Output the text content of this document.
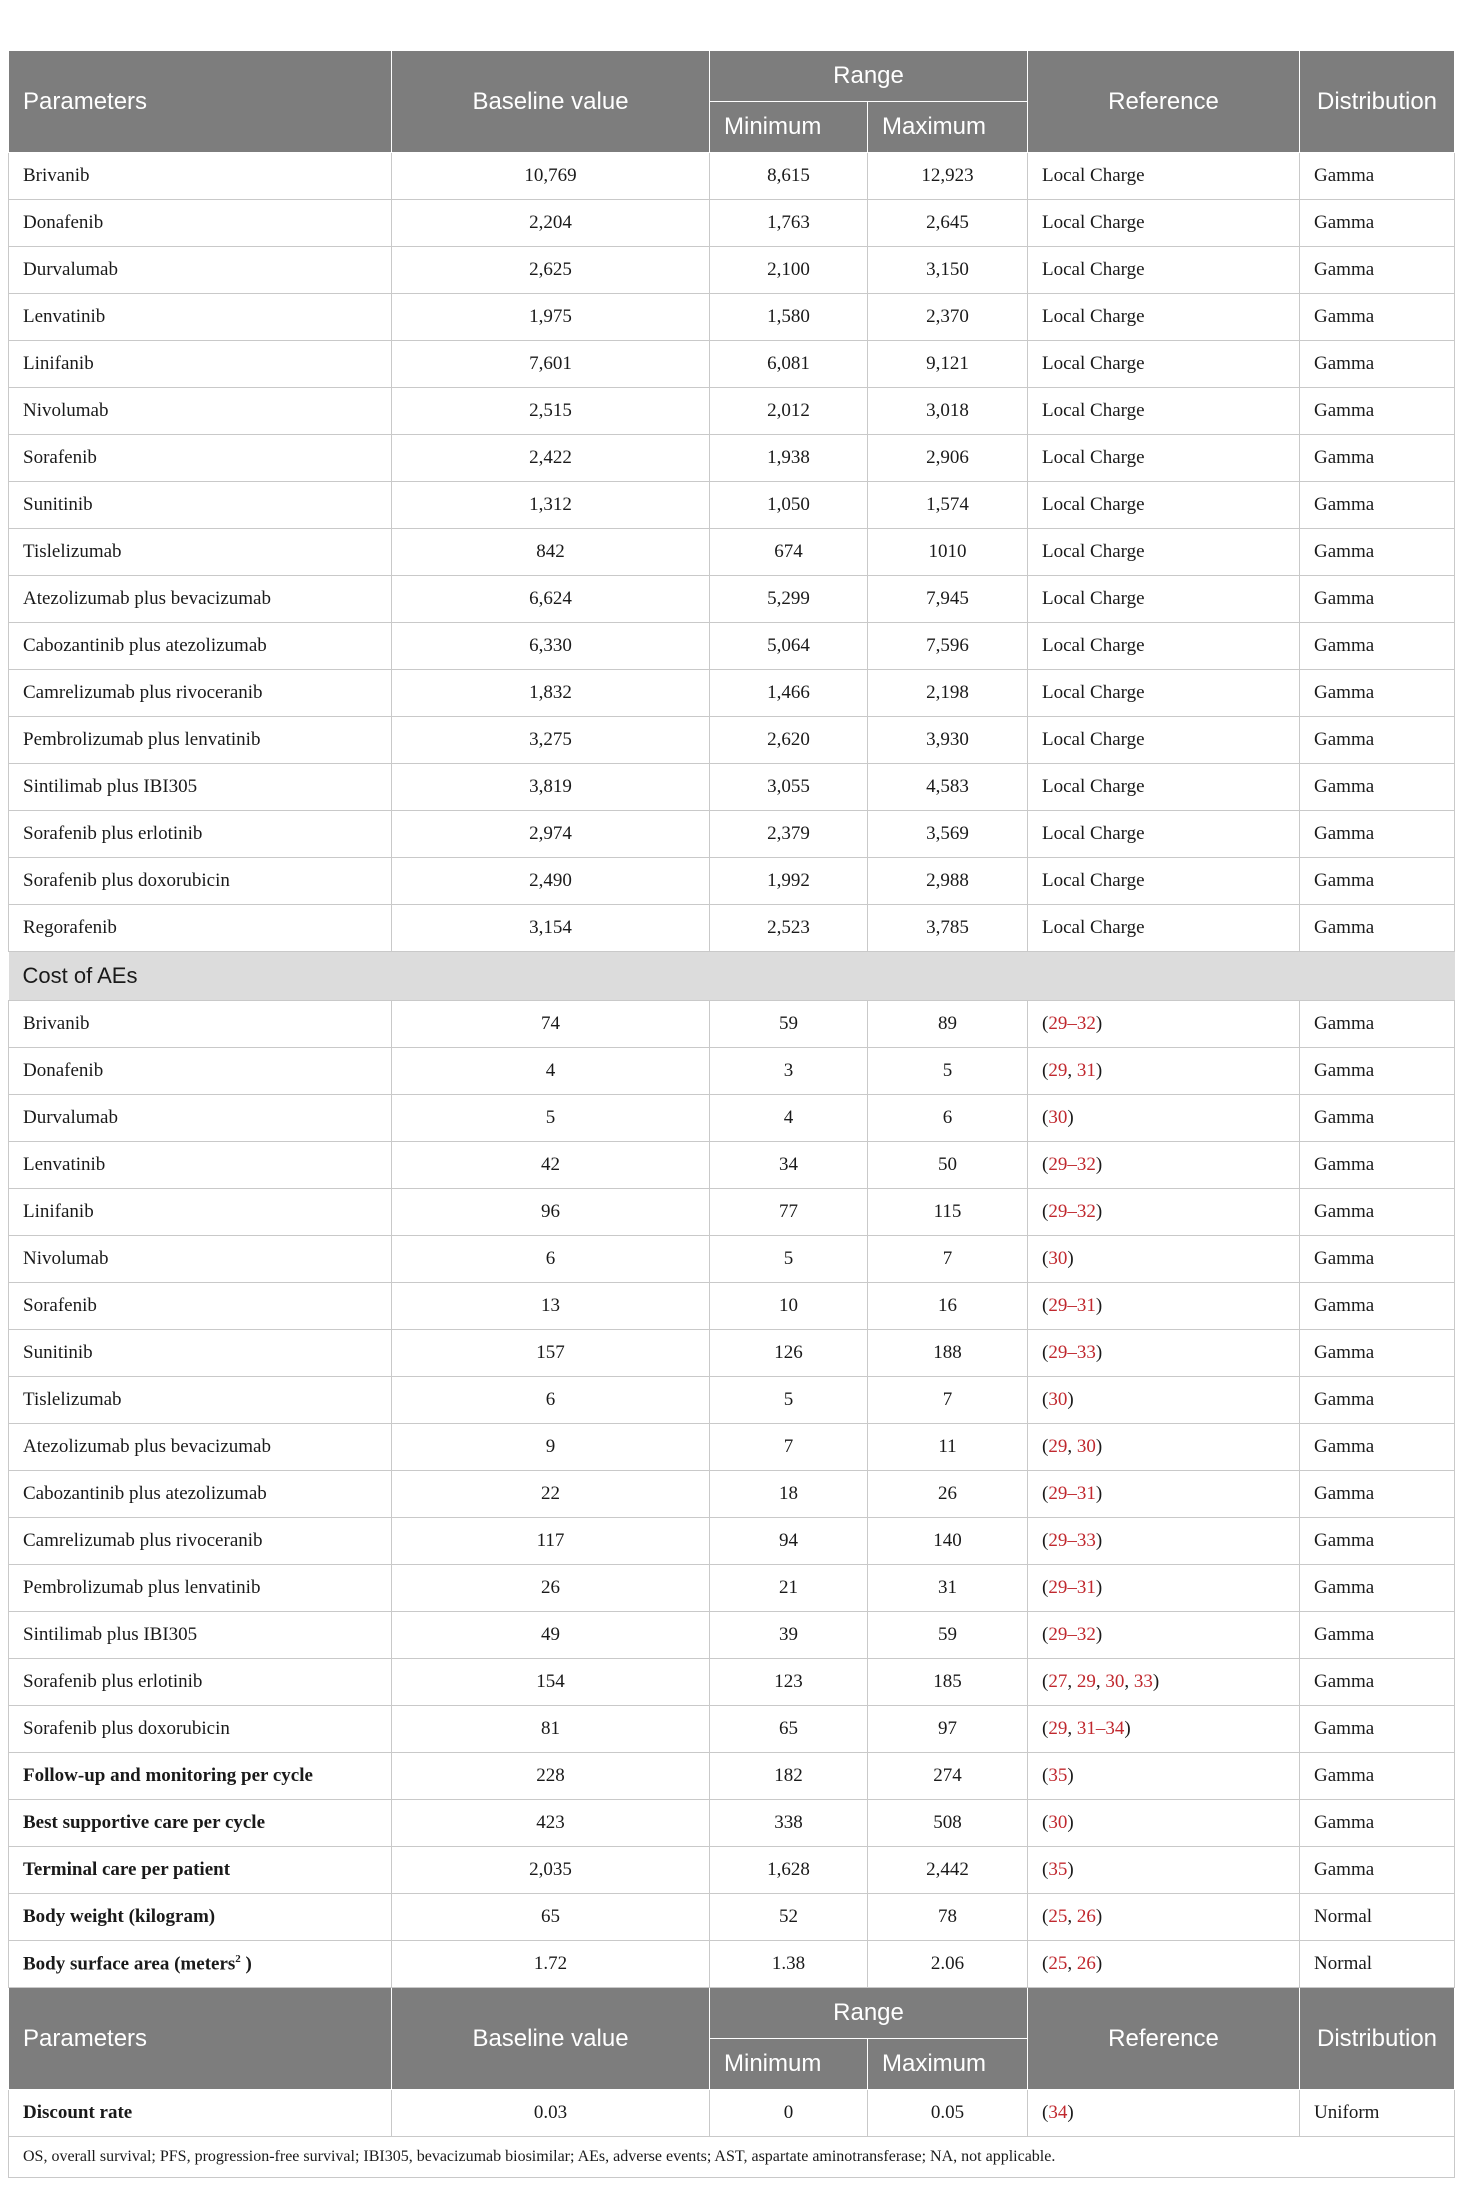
Parameters	Baseline value	Range		Reference	Distribution
		Minimum	Maximum		
Brivanib	10,769	8,615	12,923	Local Charge	Gamma
Donafenib	2,204	1,763	2,645	Local Charge	Gamma
Durvalumab	2,625	2,100	3,150	Local Charge	Gamma
Lenvatinib	1,975	1,580	2,370	Local Charge	Gamma
Linifanib	7,601	6,081	9,121	Local Charge	Gamma
Nivolumab	2,515	2,012	3,018	Local Charge	Gamma
Sorafenib	2,422	1,938	2,906	Local Charge	Gamma
Sunitinib	1,312	1,050	1,574	Local Charge	Gamma
Tislelizumab	842	674	1010	Local Charge	Gamma
Atezolizumab plus bevacizumab	6,624	5,299	7,945	Local Charge	Gamma
Cabozantinib plus atezolizumab	6,330	5,064	7,596	Local Charge	Gamma
Camrelizumab plus rivoceranib	1,832	1,466	2,198	Local Charge	Gamma
Pembrolizumab plus lenvatinib	3,275	2,620	3,930	Local Charge	Gamma
Sintilimab plus IBI305	3,819	3,055	4,583	Local Charge	Gamma
Sorafenib plus erlotinib	2,974	2,379	3,569	Local Charge	Gamma
Sorafenib plus doxorubicin	2,490	1,992	2,988	Local Charge	Gamma
Regorafenib	3,154	2,523	3,785	Local Charge	Gamma
Cost of AEs					
Brivanib	74	59	89	(29–32)	Gamma
Donafenib	4	3	5	(29, 31)	Gamma
Durvalumab	5	4	6	(30)	Gamma
Lenvatinib	42	34	50	(29–32)	Gamma
Linifanib	96	77	115	(29–32)	Gamma
Nivolumab	6	5	7	(30)	Gamma
Sorafenib	13	10	16	(29–31)	Gamma
Sunitinib	157	126	188	(29–33)	Gamma
Tislelizumab	6	5	7	(30)	Gamma
Atezolizumab plus bevacizumab	9	7	11	(29, 30)	Gamma
Cabozantinib plus atezolizumab	22	18	26	(29–31)	Gamma
Camrelizumab plus rivoceranib	117	94	140	(29–33)	Gamma
Pembrolizumab plus lenvatinib	26	21	31	(29–31)	Gamma
Sintilimab plus IBI305	49	39	59	(29–32)	Gamma
Sorafenib plus erlotinib	154	123	185	(27, 29, 30, 33)	Gamma
Sorafenib plus doxorubicin	81	65	97	(29, 31–34)	Gamma
Follow-up and monitoring per cycle	228	182	274	(35)	Gamma
Best supportive care per cycle	423	338	508	(30)	Gamma
Terminal care per patient	2,035	1,628	2,442	(35)	Gamma
Body weight (kilogram)	65	52	78	(25, 26)	Normal
Body surface area (meters$^2$ )	1.72	1.38	2.06	(25, 26)	Normal
Parameters	Baseline value	Range		Reference	Distribution
		Minimum	Maximum		
Discount rate	0.03	0	0.05	(34)	Uniform
OS, overall survival; PFS, progression-free survival; IBI305, bevacizumab biosimilar; AEs, adverse events; AST, aspartate aminotransferase; NA, not applicable.					
